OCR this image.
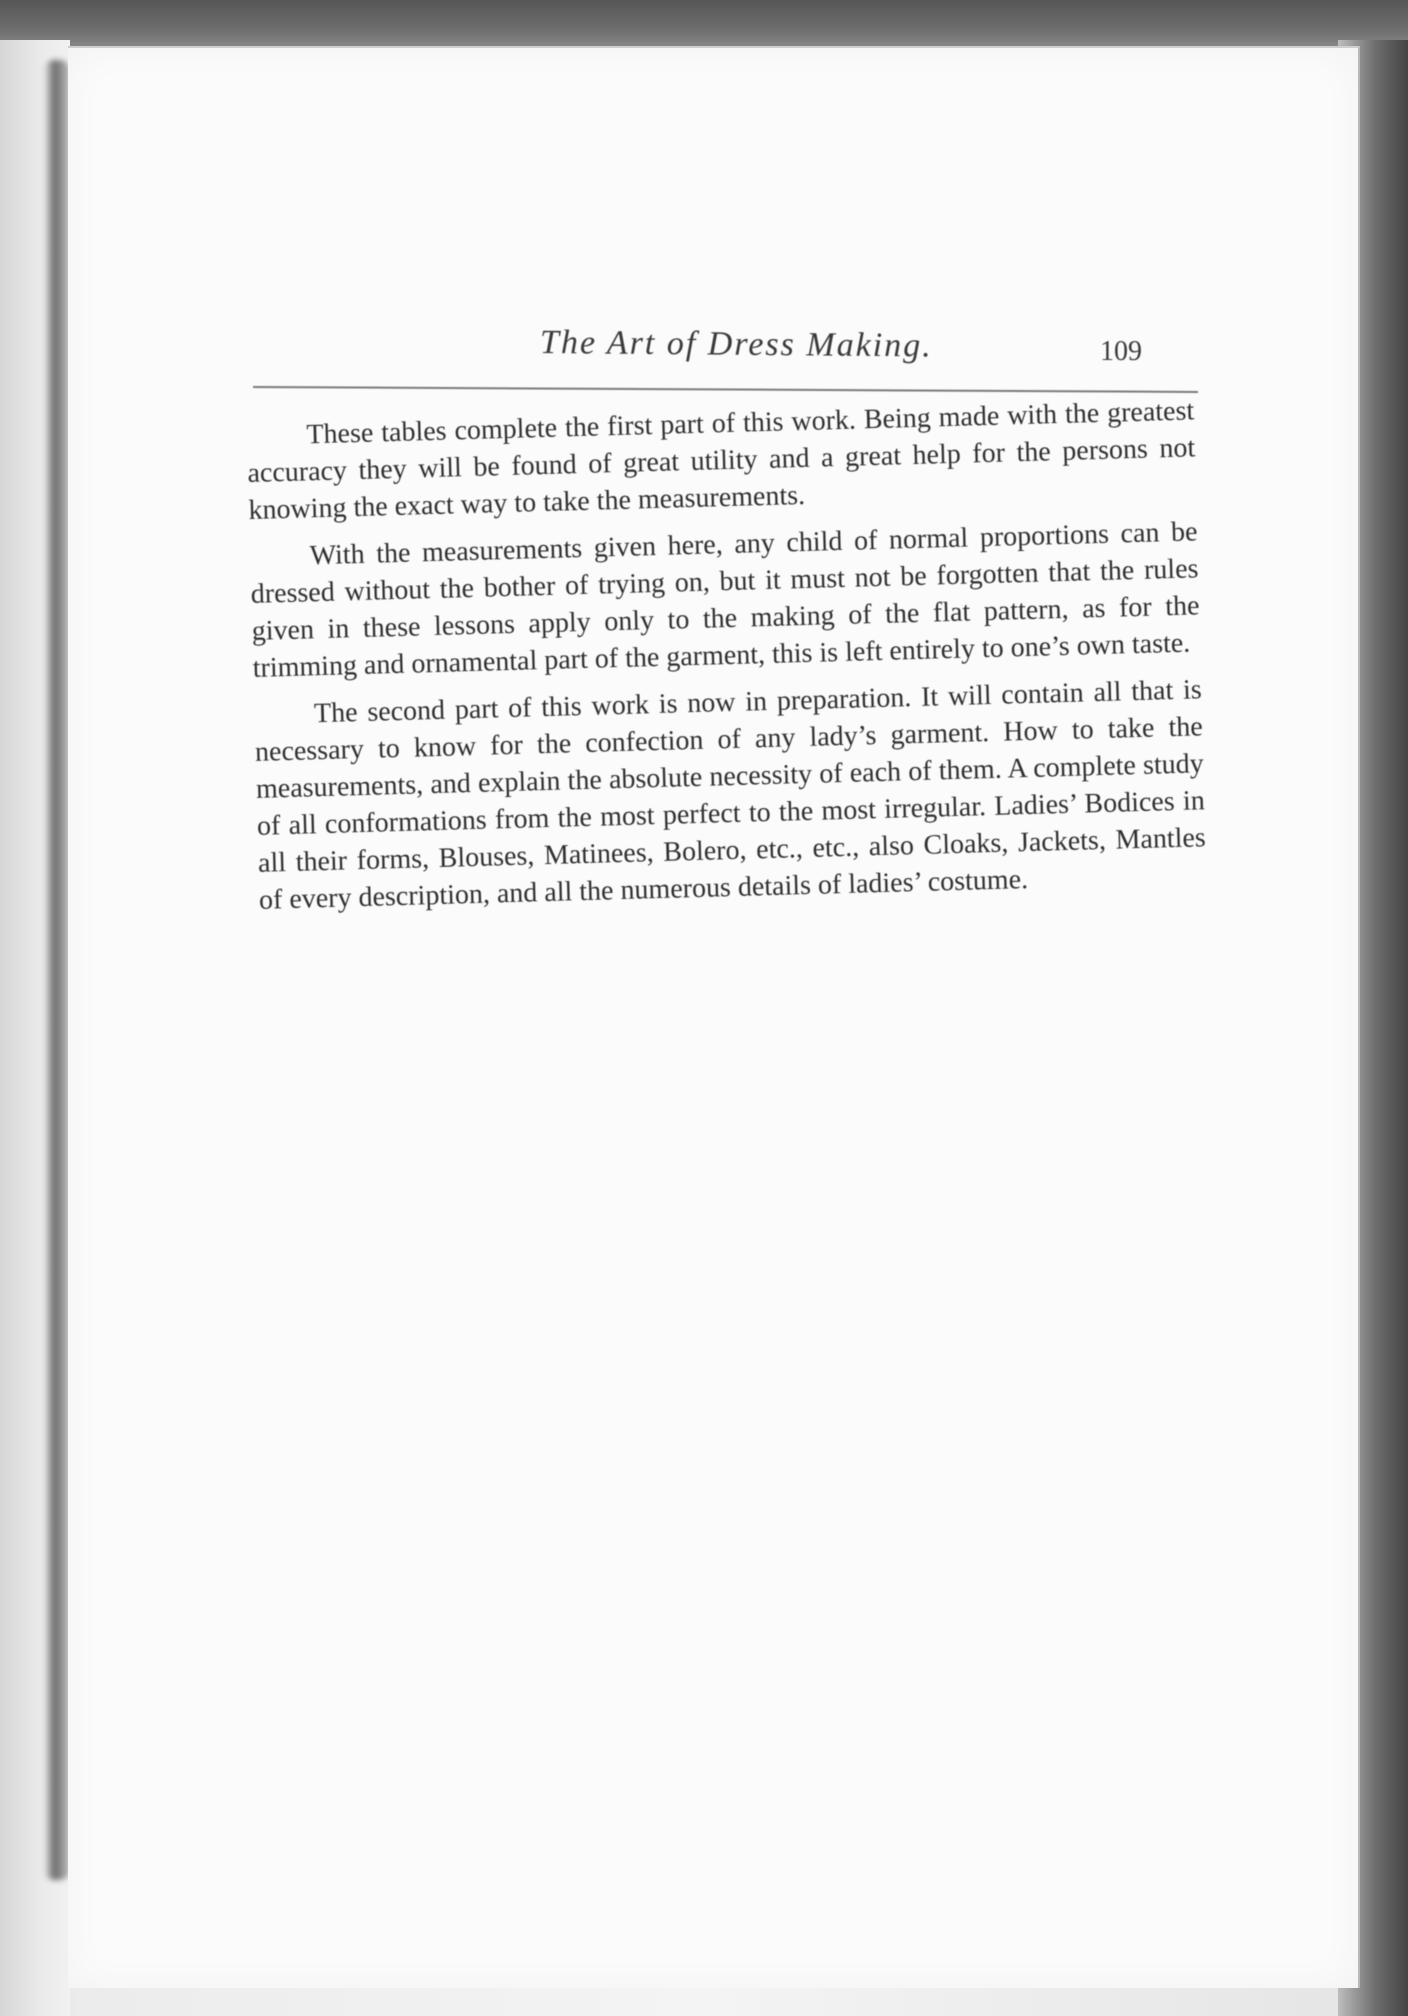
The Art of Dress Making.	109

These tables complete the first part of this work. Being made with the greatest accuracy they will be found of great utility and a great help for the persons not knowing the exact way to take the measurements.

With the measurements given here, any child of normal proportions can be dressed without the bother of trying on, but it must not be forgotten that the rules given in these lessons apply only to the making of the flat pattern, as for the trimming and ornamental part of the garment, this is left entirely to one’s own taste.

The second part of this work is now in preparation. It will contain all that is necessary to know for the confection of any lady’s garment. How to take the measurements, and explain the absolute necessity of each of them. A complete study of all conformations from the most perfect to the most irregular. Ladies’ Bodices in all their forms, Blouses, Matinees, Bolero, etc., etc., also Cloaks, Jackets, Mantles of every description, and all the numerous details of ladies’ costume.
